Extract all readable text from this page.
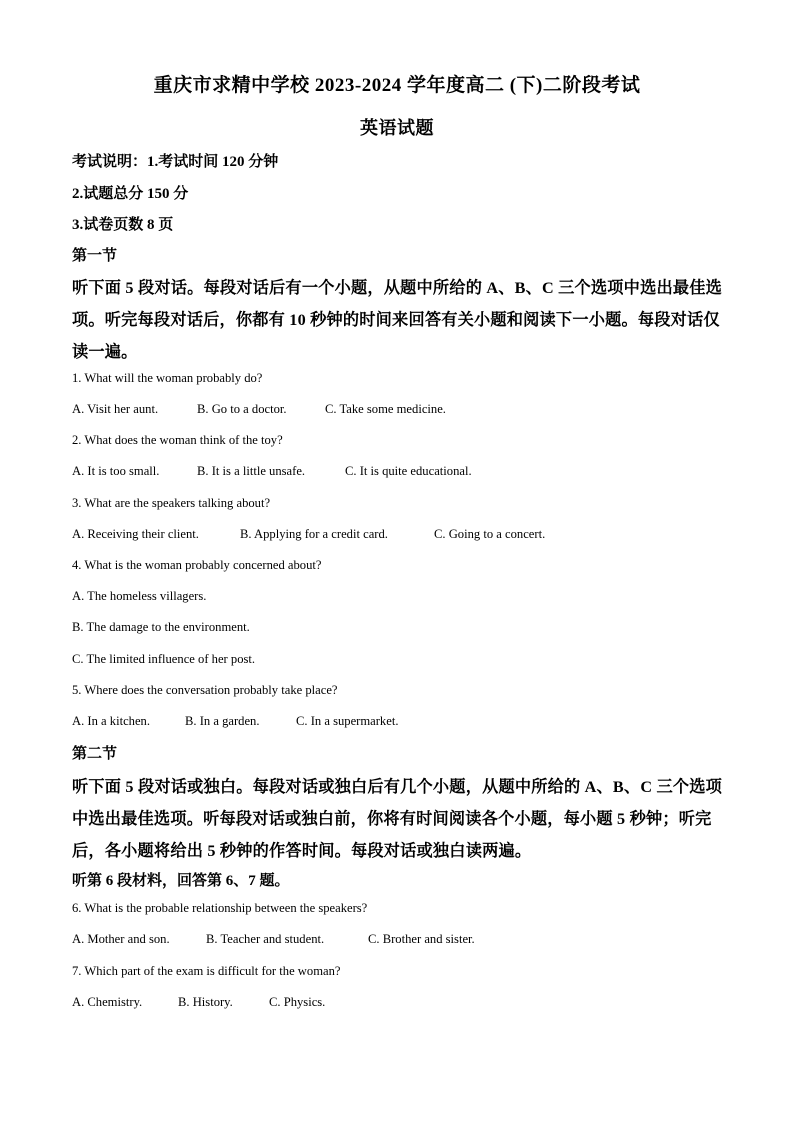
重庆市求精中学校 2023-2024 学年度高二 (下)二阶段考试
英语试题
考试说明：1.考试时间 120 分钟
2.试题总分 150 分
3.试卷页数 8 页
第一节
听下面 5 段对话。每段对话后有一个小题，从题中所给的 A、B、C 三个选项中选出最佳选
项。听完每段对话后，你都有 10 秒钟的时间来回答有关小题和阅读下一小题。每段对话仅
读一遍。
1. What will the woman probably do?
A. Visit her aunt.	B. Go to a doctor.	C. Take some medicine.
2. What does the woman think of the toy?
A. It is too small.	B. It is a little unsafe.	C. It is quite educational.
3. What are the speakers talking about?
A. Receiving their client.	B. Applying for a credit card.	C. Going to a concert.
4. What is the woman probably concerned about?
A. The homeless villagers.
B. The damage to the environment.
C. The limited influence of her post.
5. Where does the conversation probably take place?
A. In a kitchen.	B. In a garden.	C. In a supermarket.
第二节
听下面 5 段对话或独白。每段对话或独白后有几个小题，从题中所给的 A、B、C 三个选项
中选出最佳选项。听每段对话或独白前，你将有时间阅读各个小题，每小题 5 秒钟；听完
后，各小题将给出 5 秒钟的作答时间。每段对话或独白读两遍。
听第 6 段材料，回答第 6、7 题。
6. What is the probable relationship between the speakers?
A. Mother and son.	B. Teacher and student.	C. Brother and sister.
7. Which part of the exam is difficult for the woman?
A. Chemistry.	B. History.	C. Physics.
